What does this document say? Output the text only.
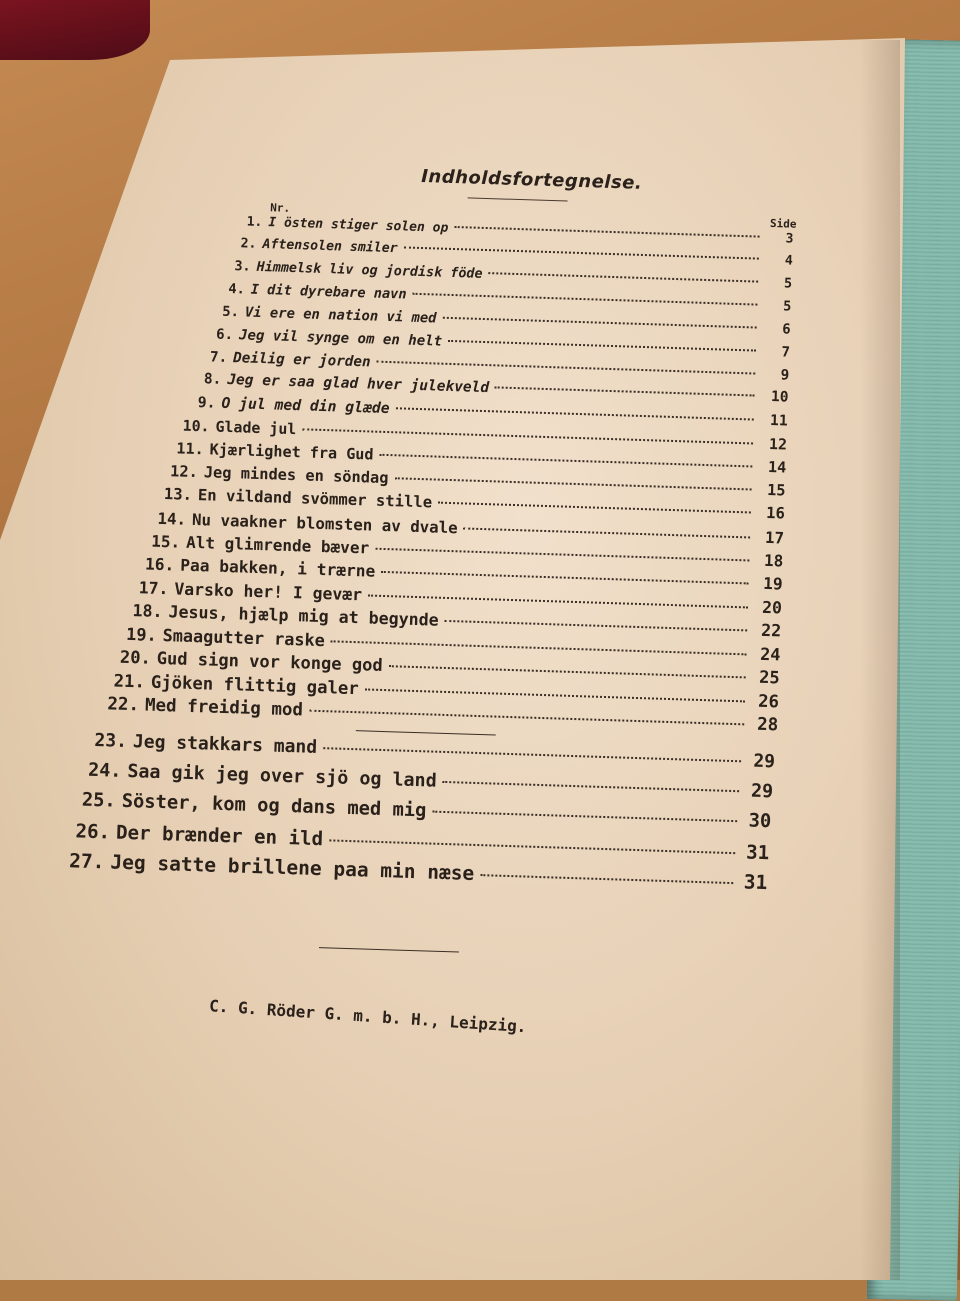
Indholdsfortegnelse.
Nr.
Side
1. I östen stiger solen op
3
2. Aftensolen smiler
4
3. Himmelsk liv og jordisk föde
5
4. I dit dyrebare navn
5
5. Vi ere en nation vi med
6
6. Jeg vil synge om en helt
7
7. Deilig er jorden
9
8. Jeg er saa glad hver julekveld
10
9. O jul med din glæde
11
10. Glade jul
12
11. Kjærlighet fra Gud
14
12. Jeg mindes en söndag
15
13. En vildand svömmer stille
16
14. Nu vaakner blomsten av dvale
17
15. Alt glimrende bæver
18
16. Paa bakken, i trærne
19
17. Varsko her! I gevær
20
18. Jesus, hjælp mig at begynde
22
19. Smaagutter raske
24
20. Gud sign vor konge god
25
21. Gjöken flittig galer
26
22. Med freidig mod
28
23. Jeg stakkars mand
29
24. Saa gik jeg over sjö og land	29
25. Söster, kom og dans med mig	30
26. Der brænder en ild
31
27. Jeg satte brillene paa min næse	31
C. G. Röder G. m. b. H., Leipzig.
